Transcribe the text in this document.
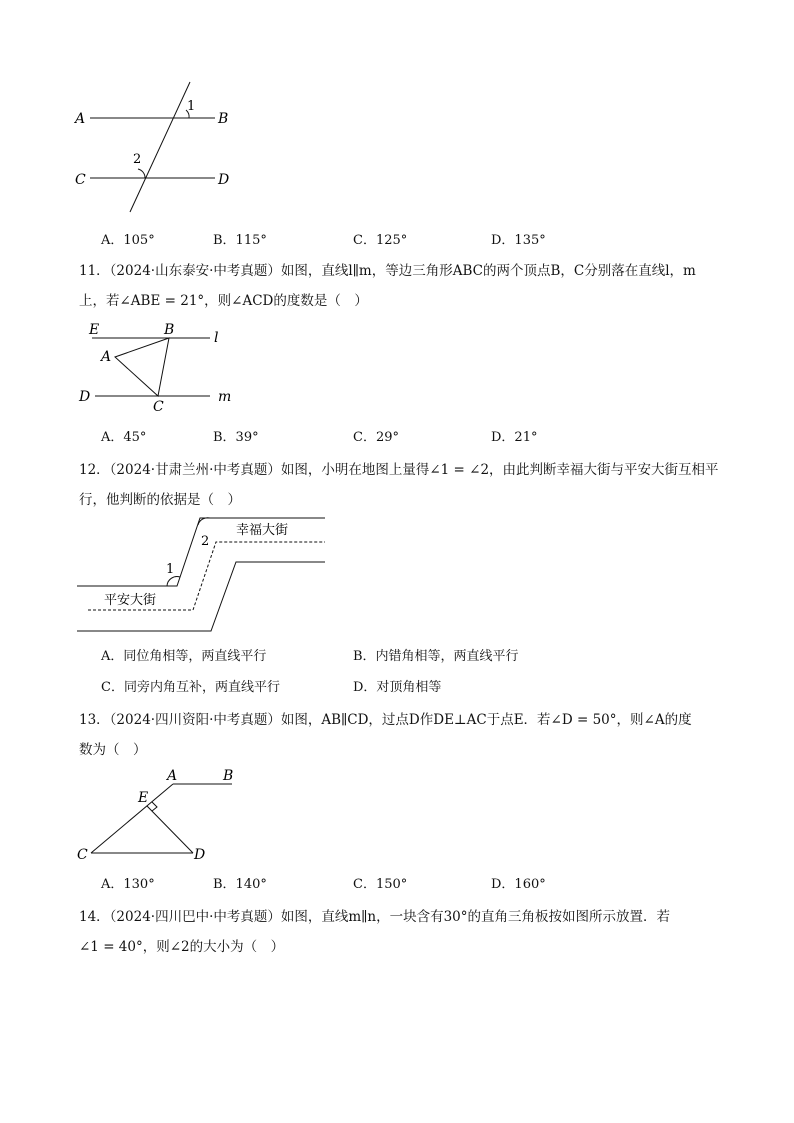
A	B
C	D
1
2
A．105°	B．115°	C．125°	D．135°
11．（2024·山东泰安·中考真题）如图，直线l∥m，等边三角形ABC的两个顶点B，C分别落在直线l，m
上，若∠ABE = 21°，则∠ACD的度数是（　）
E	B	l
A
D
C
m
A．45°	B．39°	C．29°	D．21°
12．（2024·甘肃兰州·中考真题）如图，小明在地图上量得∠1 = ∠2，由此判断幸福大街与平安大街互相平
行，他判断的依据是（　）
1
2
幸福大街
平安大街
A．同位角相等，两直线平行	B．内错角相等，两直线平行
C．同旁内角互补，两直线平行	D．对顶角相等
13．（2024·四川资阳·中考真题）如图，AB∥CD，过点D作DE⊥AC于点E．若∠D = 50°，则∠A的度
数为（　）
A	B
E
C	D
A．130°	B．140°	C．150°	D．160°
14．（2024·四川巴中·中考真题）如图，直线m∥n，一块含有30°的直角三角板按如图所示放置．若
∠1 = 40°，则∠2的大小为（　）
